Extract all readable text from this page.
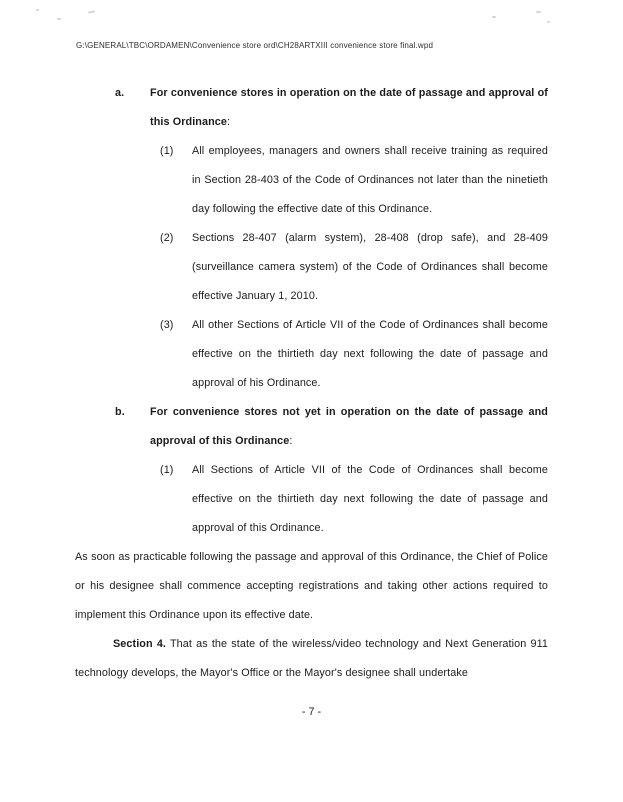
G:\GENERAL\TBC\ORDAMEN\Convenience store ord\CH28ARTXIII convenience store final.wpd
a. For convenience stores in operation on the date of passage and approval of this Ordinance:
(1) All employees, managers and owners shall receive training as required in Section 28-403 of the Code of Ordinances not later than the ninetieth day following the effective date of this Ordinance.
(2) Sections 28-407 (alarm system), 28-408 (drop safe), and 28-409 (surveillance camera system) of the Code of Ordinances shall become effective January 1, 2010.
(3) All other Sections of Article VII of the Code of Ordinances shall become effective on the thirtieth day next following the date of passage and approval of his Ordinance.
b. For convenience stores not yet in operation on the date of passage and approval of this Ordinance:
(1) All Sections of Article VII of the Code of Ordinances shall become effective on the thirtieth day next following the date of passage and approval of this Ordinance.
As soon as practicable following the passage and approval of this Ordinance, the Chief of Police or his designee shall commence accepting registrations and taking other actions required to implement this Ordinance upon its effective date.
Section 4. That as the state of the wireless/video technology and Next Generation 911 technology develops, the Mayor's Office or the Mayor's designee shall undertake
- 7 -
